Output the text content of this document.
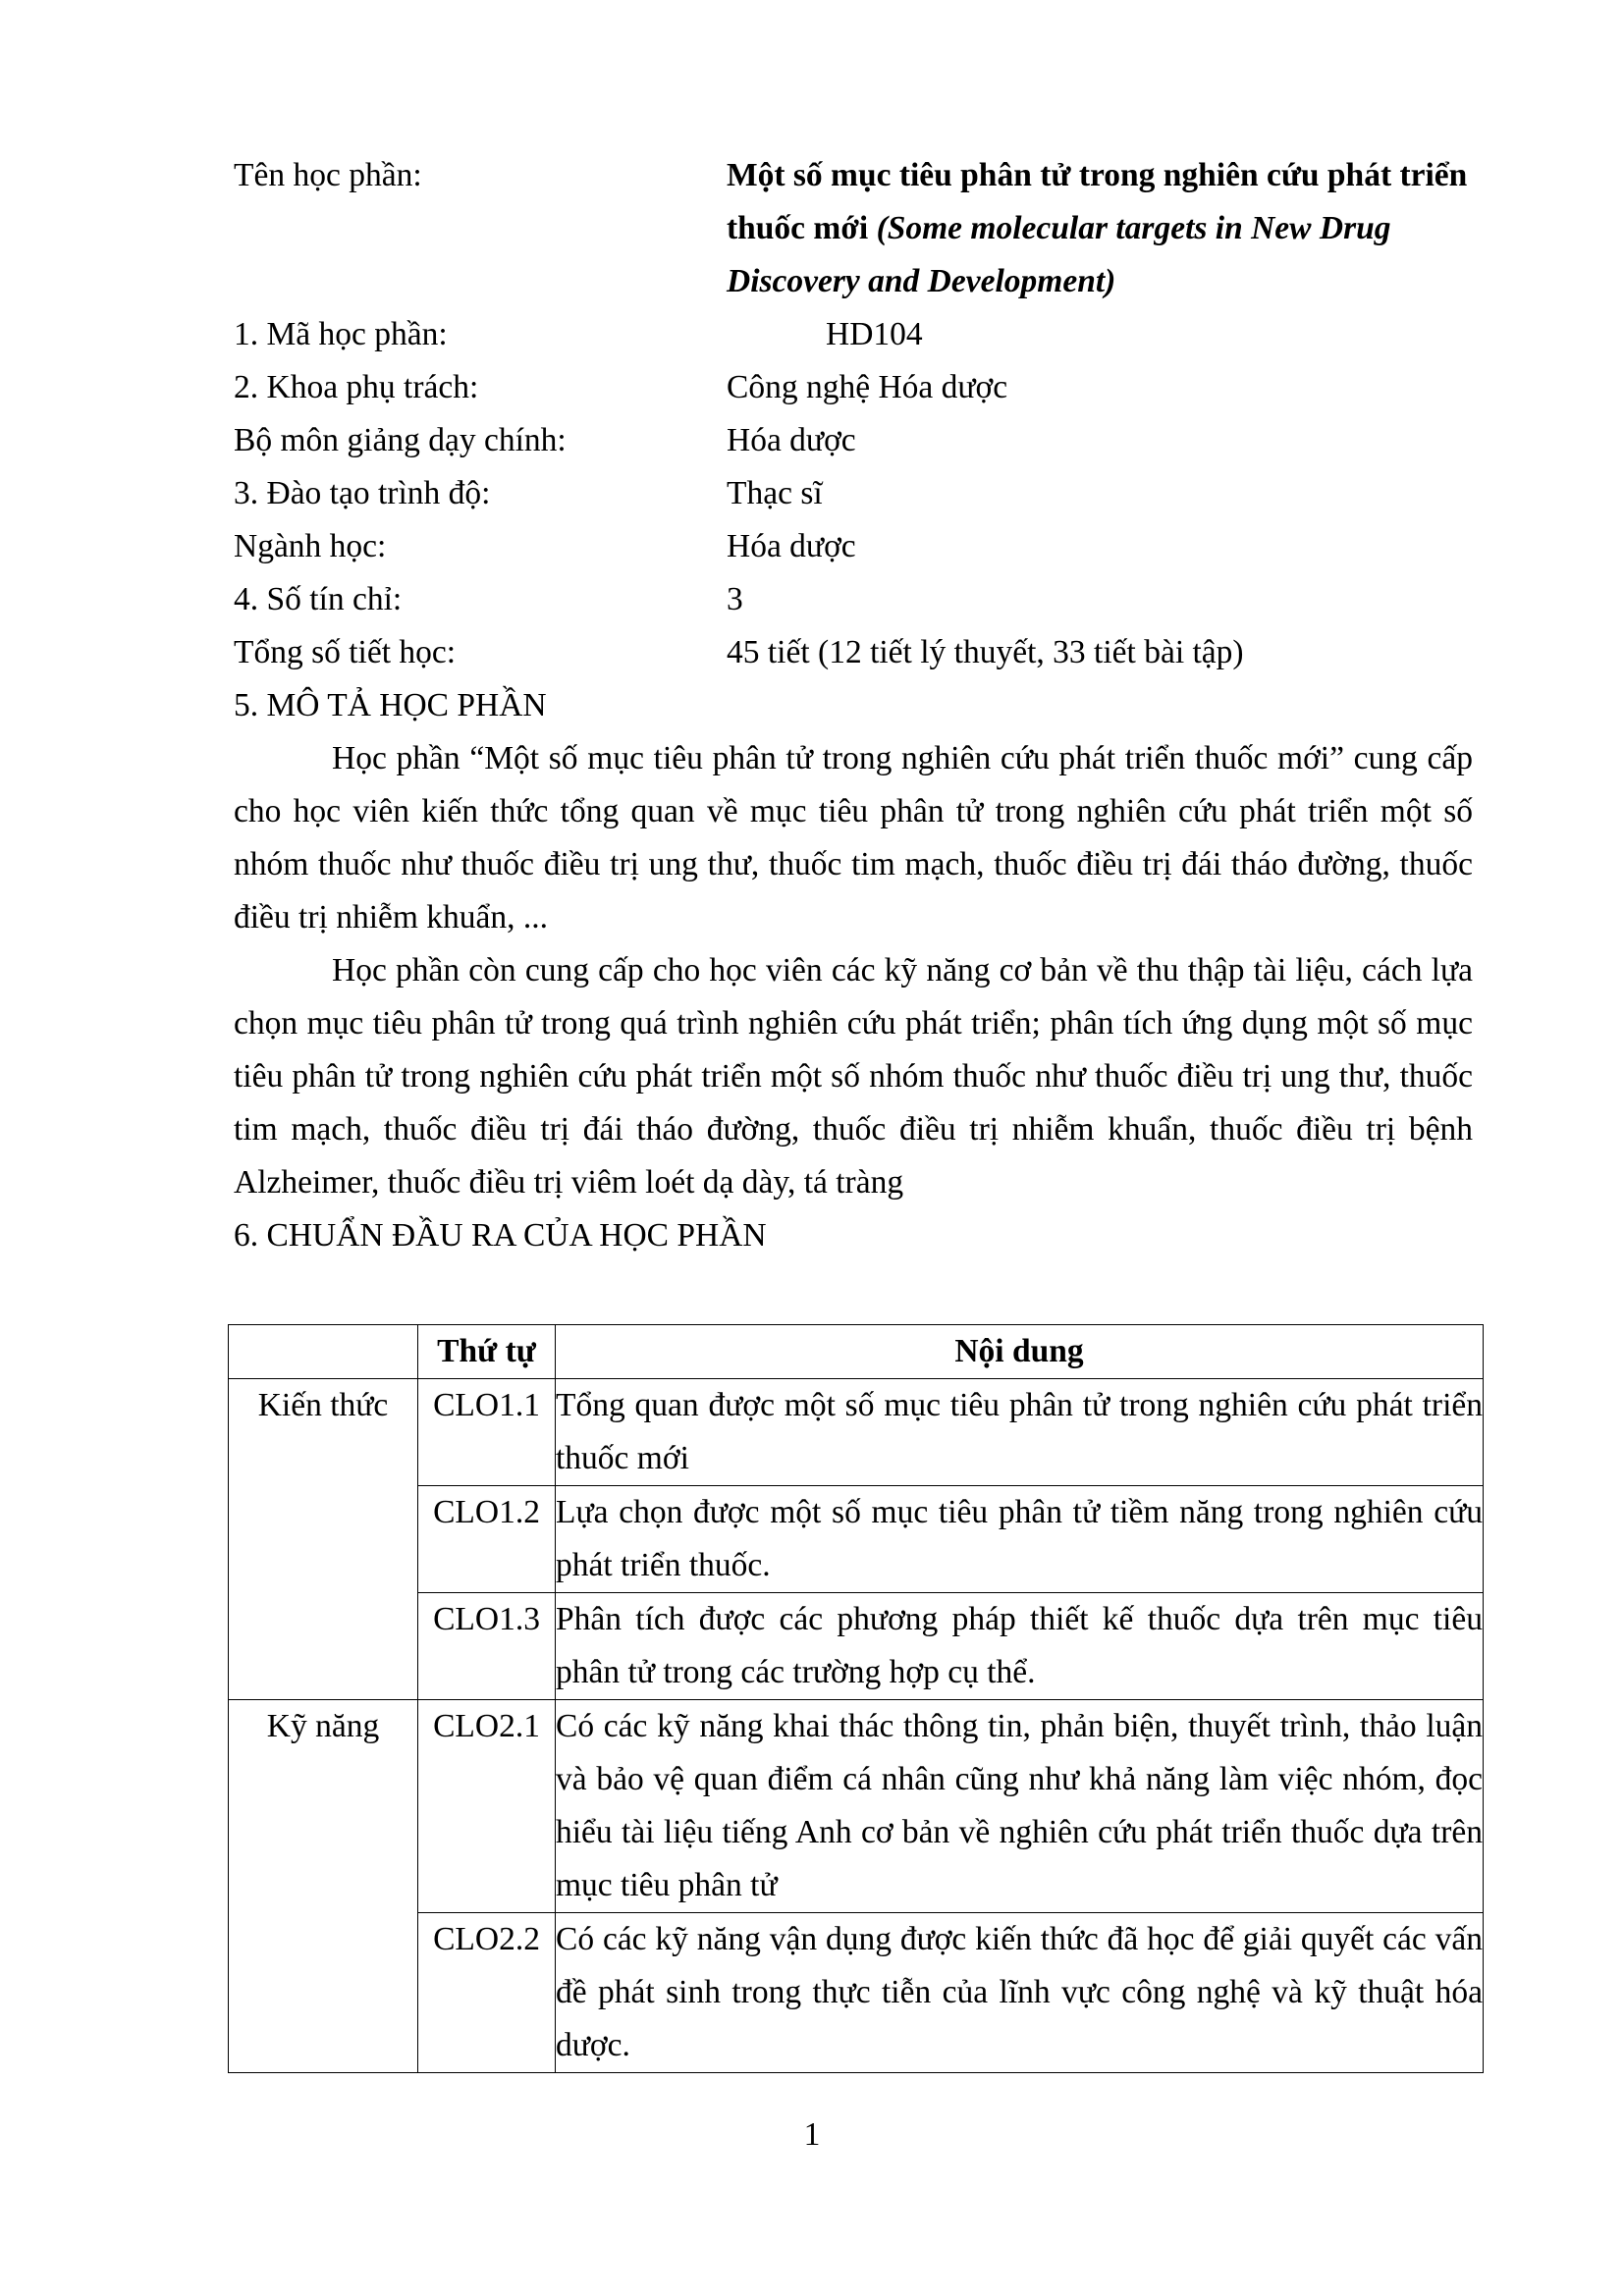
Tên học phần:	Một số mục tiêu phân tử trong nghiên cứu phát triển thuốc mới (Some molecular targets in New Drug Discovery and Development)
1. Mã học phần:	HD104
2. Khoa phụ trách:	Công nghệ Hóa dược
Bộ môn giảng dạy chính:	Hóa dược
3. Đào tạo trình độ:	Thạc sĩ
Ngành học:	Hóa dược
4. Số tín chỉ:	3
Tổng số tiết học:	45 tiết (12 tiết lý thuyết, 33 tiết bài tập)
5. MÔ TẢ HỌC PHẦN

Học phần “Một số mục tiêu phân tử trong nghiên cứu phát triển thuốc mới” cung cấp cho học viên kiến thức tổng quan về mục tiêu phân tử trong nghiên cứu phát triển một số nhóm thuốc như thuốc điều trị ung thư, thuốc tim mạch, thuốc điều trị đái tháo đường, thuốc điều trị nhiễm khuẩn, ...

Học phần còn cung cấp cho học viên các kỹ năng cơ bản về thu thập tài liệu, cách lựa chọn mục tiêu phân tử trong quá trình nghiên cứu phát triển; phân tích ứng dụng một số mục tiêu phân tử trong nghiên cứu phát triển một số nhóm thuốc như thuốc điều trị ung thư, thuốc tim mạch, thuốc điều trị đái tháo đường, thuốc điều trị nhiễm khuẩn, thuốc điều trị bệnh Alzheimer, thuốc điều trị viêm loét dạ dày, tá tràng

6. CHUẨN ĐẦU RA CỦA HỌC PHẦN
	Thứ tự	Nội dung
Kiến thức	CLO1.1	Tổng quan được một số mục tiêu phân tử trong nghiên cứu phát triển thuốc mới
	CLO1.2	Lựa chọn được một số mục tiêu phân tử tiềm năng trong nghiên cứu phát triển thuốc.
	CLO1.3	Phân tích được các phương pháp thiết kế thuốc dựa trên mục tiêu phân tử trong các trường hợp cụ thể.
Kỹ năng	CLO2.1	Có các kỹ năng khai thác thông tin, phản biện, thuyết trình, thảo luận và bảo vệ quan điểm cá nhân cũng như khả năng làm việc nhóm, đọc hiểu tài liệu tiếng Anh cơ bản về nghiên cứu phát triển thuốc dựa trên mục tiêu phân tử
	CLO2.2	Có các kỹ năng vận dụng được kiến thức đã học để giải quyết các vấn đề phát sinh trong thực tiễn của lĩnh vực công nghệ và kỹ thuật hóa dược.
1
